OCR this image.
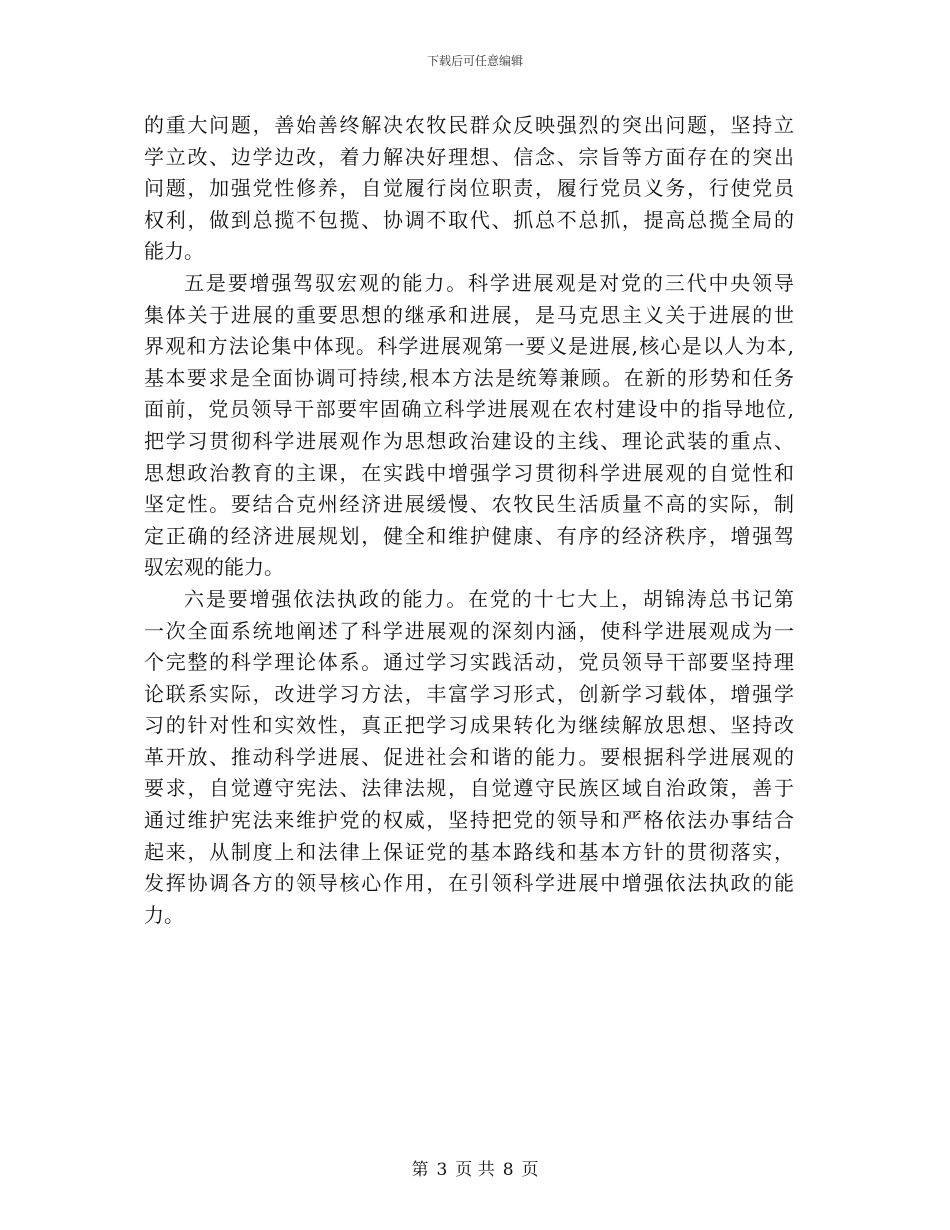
下载后可任意编辑
的重大问题，善始善终解决农牧民群众反映强烈的突出问题，坚持立
学立改、边学边改，着力解决好理想、信念、宗旨等方面存在的突出
问题，加强党性修养，自觉履行岗位职责，履行党员义务，行使党员
权利，做到总揽不包揽、协调不取代、抓总不总抓，提高总揽全局的
能力。
五是要增强驾驭宏观的能力。科学进展观是对党的三代中央领导
集体关于进展的重要思想的继承和进展，是马克思主义关于进展的世
界观和方法论集中体现。科学进展观第一要义是进展,核心是以人为本,
基本要求是全面协调可持续,根本方法是统筹兼顾。在新的形势和任务
面前，党员领导干部要牢固确立科学进展观在农村建设中的指导地位,
把学习贯彻科学进展观作为思想政治建设的主线、理论武装的重点、
思想政治教育的主课，在实践中增强学习贯彻科学进展观的自觉性和
坚定性。要结合克州经济进展缓慢、农牧民生活质量不高的实际，制
定正确的经济进展规划，健全和维护健康、有序的经济秩序，增强驾
驭宏观的能力。
六是要增强依法执政的能力。在党的十七大上，胡锦涛总书记第
一次全面系统地阐述了科学进展观的深刻内涵，使科学进展观成为一
个完整的科学理论体系。通过学习实践活动，党员领导干部要坚持理
论联系实际，改进学习方法，丰富学习形式，创新学习载体，增强学
习的针对性和实效性，真正把学习成果转化为继续解放思想、坚持改
革开放、推动科学进展、促进社会和谐的能力。要根据科学进展观的
要求，自觉遵守宪法、法律法规，自觉遵守民族区域自治政策，善于
通过维护宪法来维护党的权威，坚持把党的领导和严格依法办事结合
起来，从制度上和法律上保证党的基本路线和基本方针的贯彻落实，
发挥协调各方的领导核心作用，在引领科学进展中增强依法执政的能
力。
第 3 页 共 8 页
